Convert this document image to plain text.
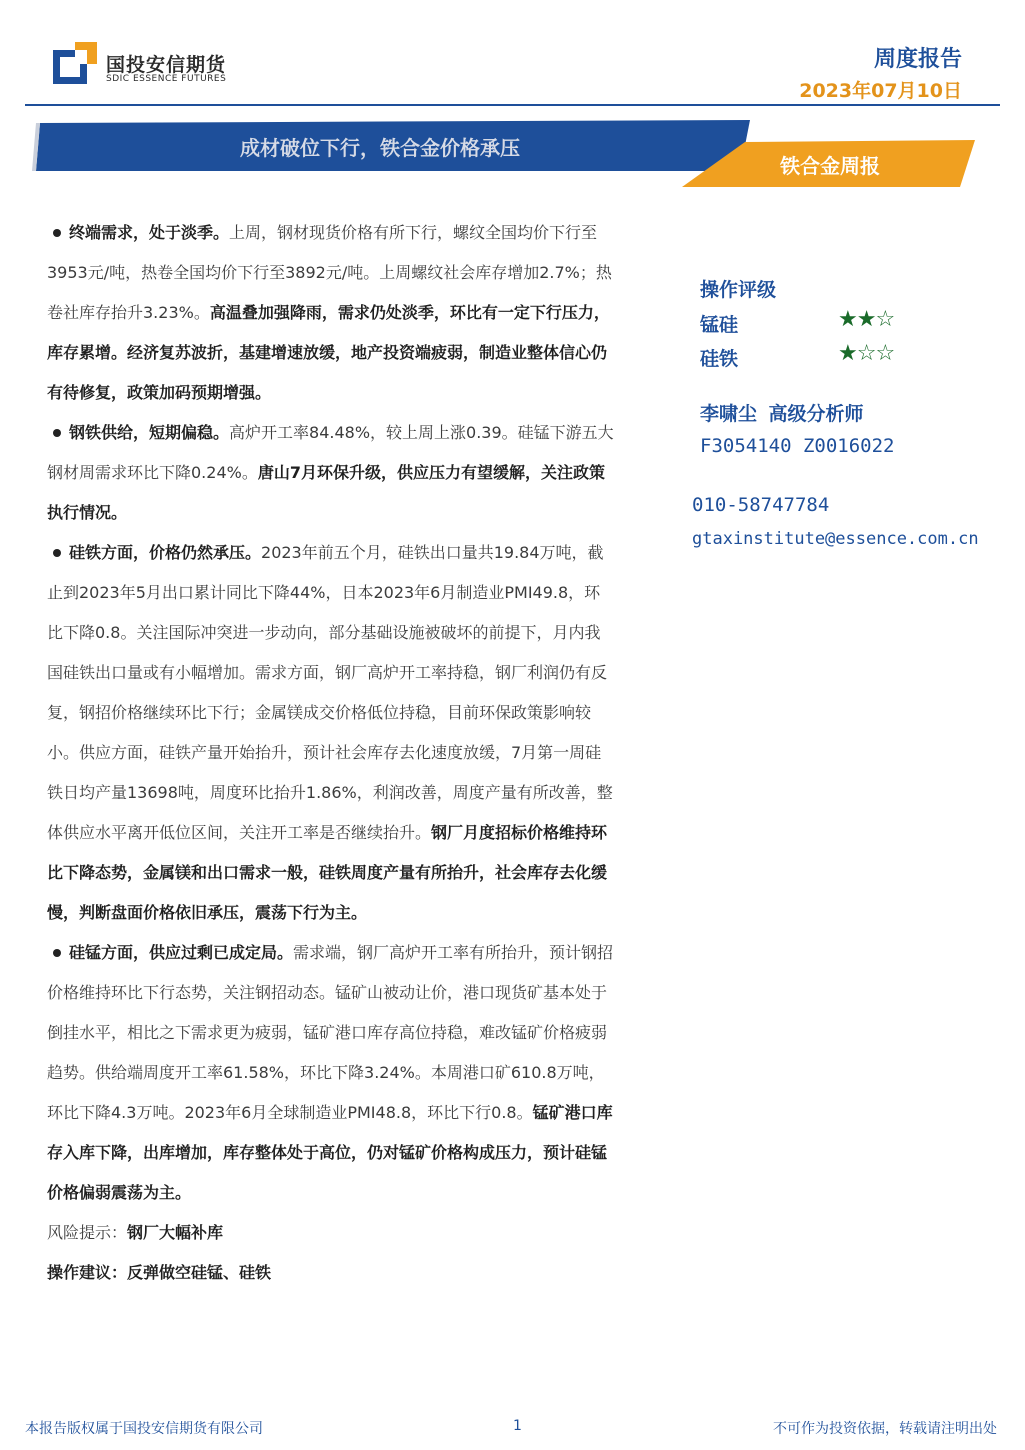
国投安信期货
SDIC ESSENCE FUTURES
周度报告
2023年07月10日
成材破位下行，铁合金价格承压
铁合金周报

终端需求，处于淡季。上周，钢材现货价格有所下行，螺纹全国均价下行至3953元/吨，热卷全国均价下行至3892元/吨。上周螺纹社会库存增加2.7%；热卷社库存抬升3.23%。高温叠加强降雨，需求仍处淡季，环比有一定下行压力，库存累增。经济复苏波折，基建增速放缓，地产投资端疲弱，制造业整体信心仍有待修复，政策加码预期增强。

钢铁供给，短期偏稳。高炉开工率84.48%，较上周上涨0.39。硅锰下游五大钢材周需求环比下降0.24%。唐山7月环保升级，供应压力有望缓解，关注政策执行情况。

硅铁方面，价格仍然承压。2023年前五个月，硅铁出口量共19.84万吨，截止到2023年5月出口累计同比下降44%，日本2023年6月制造业PMI49.8，环比下降0.8。关注国际冲突进一步动向，部分基础设施被破坏的前提下，月内我国硅铁出口量或有小幅增加。需求方面，钢厂高炉开工率持稳，钢厂利润仍有反复，钢招价格继续环比下行；金属镁成交价格低位持稳，目前环保政策影响较小。供应方面，硅铁产量开始抬升，预计社会库存去化速度放缓，7月第一周硅铁日均产量13698吨，周度环比抬升1.86%，利润改善，周度产量有所改善，整体供应水平离开低位区间，关注开工率是否继续抬升。钢厂月度招标价格维持环比下降态势，金属镁和出口需求一般，硅铁周度产量有所抬升，社会库存去化缓慢，判断盘面价格依旧承压，震荡下行为主。

硅锰方面，供应过剩已成定局。需求端，钢厂高炉开工率有所抬升，预计钢招价格维持环比下行态势，关注钢招动态。锰矿山被动让价，港口现货矿基本处于倒挂水平，相比之下需求更为疲弱，锰矿港口库存高位持稳，难改锰矿价格疲弱趋势。供给端周度开工率61.58%，环比下降3.24%。本周港口矿610.8万吨，环比下降4.3万吨。2023年6月全球制造业PMI48.8，环比下行0.8。锰矿港口库存入库下降，出库增加，库存整体处于高位，仍对锰矿价格构成压力，预计硅锰价格偏弱震荡为主。

风险提示：钢厂大幅补库

操作建议：反弹做空硅锰、硅铁

操作评级
锰硅	★★☆
硅铁	★☆☆
李啸尘 高级分析师
F3054140 Z0016022
010-58747784
gtaxinstitute@essence.com.cn
本报告版权属于国投安信期货有限公司	1	不可作为投资依据，转载请注明出处
